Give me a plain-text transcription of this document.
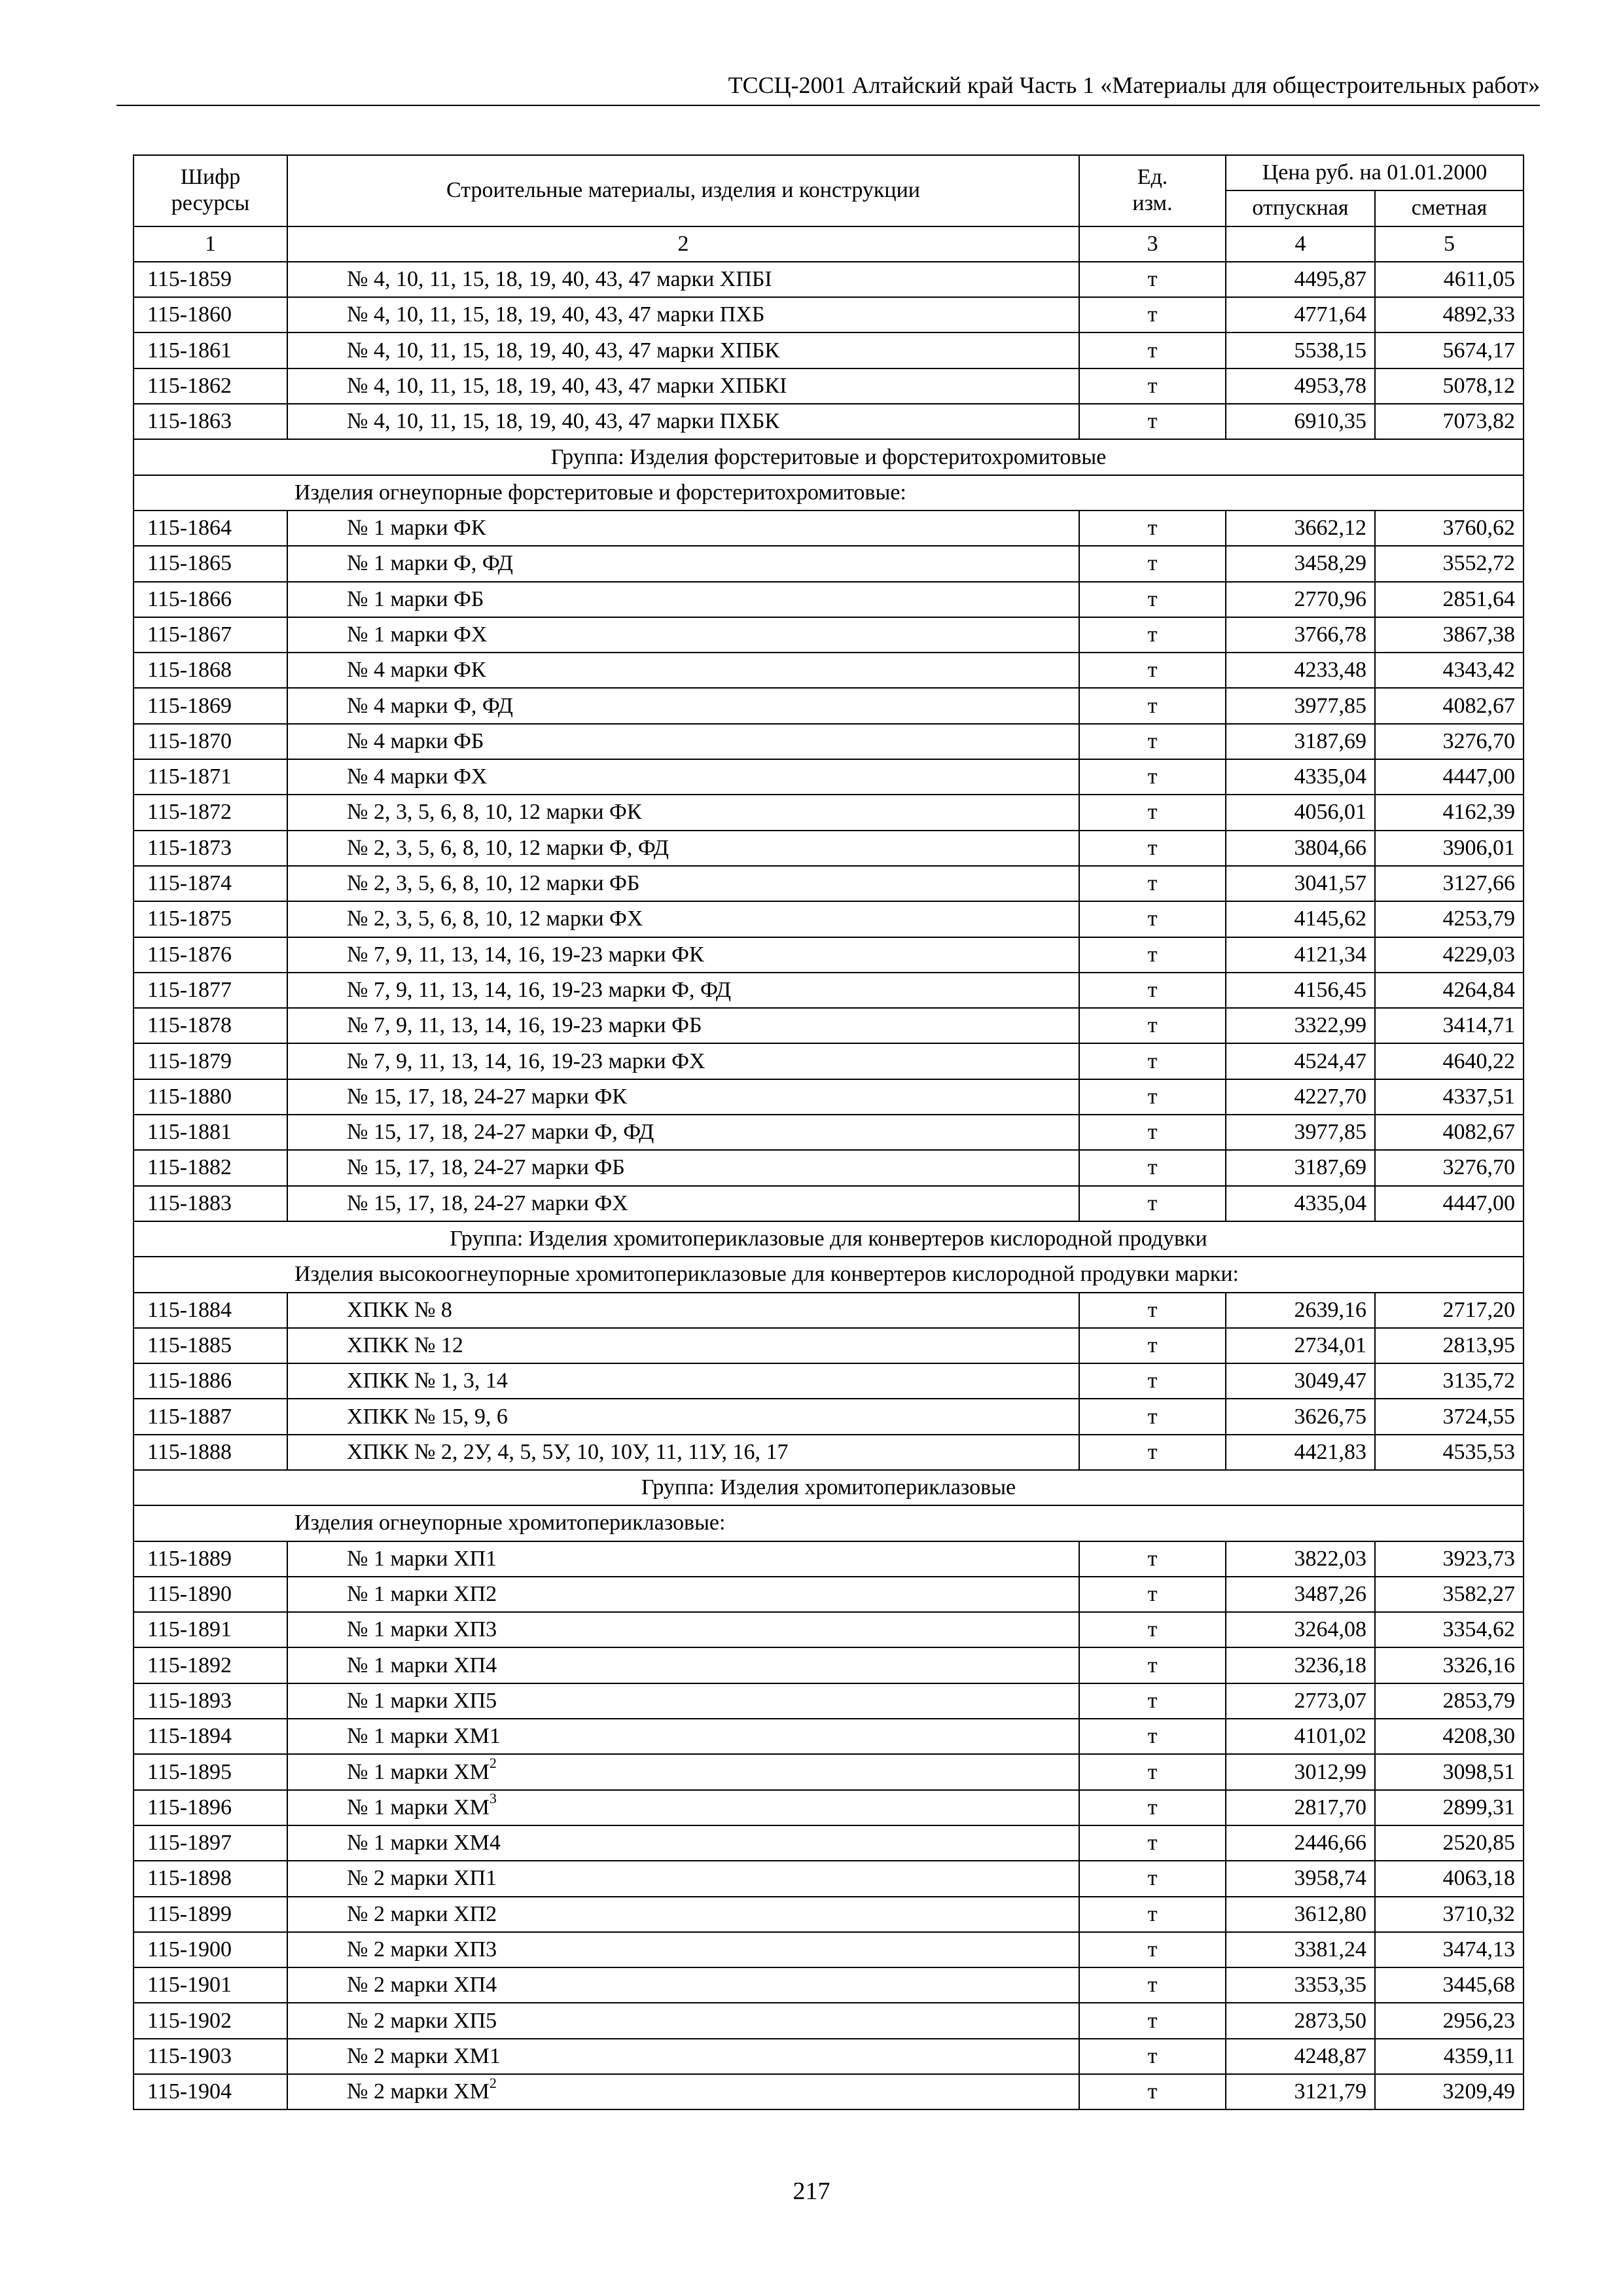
ТССЦ-2001 Алтайский край Часть 1 «Материалы для общестроительных работ»
Шифр ресурсы	Строительные материалы, изделия и конструкции	Ед. изм.	Цена руб. на 01.01.2000	
			отпускная	сметная
1	2	3	4	5
115-1859	№ 4, 10, 11, 15, 18, 19, 40, 43, 47 марки ХПБI	т	4495,87	4611,05
115-1860	№ 4, 10, 11, 15, 18, 19, 40, 43, 47 марки ПХБ	т	4771,64	4892,33
115-1861	№ 4, 10, 11, 15, 18, 19, 40, 43, 47 марки ХПБК	т	5538,15	5674,17
115-1862	№ 4, 10, 11, 15, 18, 19, 40, 43, 47 марки ХПБКI	т	4953,78	5078,12
115-1863	№ 4, 10, 11, 15, 18, 19, 40, 43, 47 марки ПХБК	т	6910,35	7073,82
Группа: Изделия форстеритовые и форстеритохромитовые				
Изделия огнеупорные форстеритовые и форстеритохромитовые:				
115-1864	№ 1 марки ФК	т	3662,12	3760,62
115-1865	№ 1 марки Ф, ФД	т	3458,29	3552,72
115-1866	№ 1 марки ФБ	т	2770,96	2851,64
115-1867	№ 1 марки ФХ	т	3766,78	3867,38
115-1868	№ 4 марки ФК	т	4233,48	4343,42
115-1869	№ 4 марки Ф, ФД	т	3977,85	4082,67
115-1870	№ 4 марки ФБ	т	3187,69	3276,70
115-1871	№ 4 марки ФХ	т	4335,04	4447,00
115-1872	№ 2, 3, 5, 6, 8, 10, 12 марки ФК	т	4056,01	4162,39
115-1873	№ 2, 3, 5, 6, 8, 10, 12 марки Ф, ФД	т	3804,66	3906,01
115-1874	№ 2, 3, 5, 6, 8, 10, 12 марки ФБ	т	3041,57	3127,66
115-1875	№ 2, 3, 5, 6, 8, 10, 12 марки ФХ	т	4145,62	4253,79
115-1876	№ 7, 9, 11, 13, 14, 16, 19-23 марки ФК	т	4121,34	4229,03
115-1877	№ 7, 9, 11, 13, 14, 16, 19-23 марки Ф, ФД	т	4156,45	4264,84
115-1878	№ 7, 9, 11, 13, 14, 16, 19-23 марки ФБ	т	3322,99	3414,71
115-1879	№ 7, 9, 11, 13, 14, 16, 19-23 марки ФХ	т	4524,47	4640,22
115-1880	№ 15, 17, 18, 24-27 марки ФК	т	4227,70	4337,51
115-1881	№ 15, 17, 18, 24-27 марки Ф, ФД	т	3977,85	4082,67
115-1882	№ 15, 17, 18, 24-27 марки ФБ	т	3187,69	3276,70
115-1883	№ 15, 17, 18, 24-27 марки ФХ	т	4335,04	4447,00
Группа: Изделия хромитопериклазовые для конвертеров кислородной продувки				
Изделия высокоогнеупорные хромитопериклазовые для конвертеров кислородной продувки марки:				
115-1884	ХПКК № 8	т	2639,16	2717,20
115-1885	ХПКК № 12	т	2734,01	2813,95
115-1886	ХПКК № 1, 3, 14	т	3049,47	3135,72
115-1887	ХПКК № 15, 9, 6	т	3626,75	3724,55
115-1888	ХПКК № 2, 2У, 4, 5, 5У, 10, 10У, 11, 11У, 16, 17	т	4421,83	4535,53
Группа: Изделия хромитопериклазовые				
Изделия огнеупорные хромитопериклазовые:				
115-1889	№ 1 марки ХП1	т	3822,03	3923,73
115-1890	№ 1 марки ХП2	т	3487,26	3582,27
115-1891	№ 1 марки ХП3	т	3264,08	3354,62
115-1892	№ 1 марки ХП4	т	3236,18	3326,16
115-1893	№ 1 марки ХП5	т	2773,07	2853,79
115-1894	№ 1 марки ХМ1	т	4101,02	4208,30
115-1895	№ 1 марки $ХМ^2$	т	3012,99	3098,51
115-1896	№ 1 марки $ХМ^3$	т	2817,70	2899,31
115-1897	№ 1 марки ХМ4	т	2446,66	2520,85
115-1898	№ 2 марки ХП1	т	3958,74	4063,18
115-1899	№ 2 марки ХП2	т	3612,80	3710,32
115-1900	№ 2 марки ХП3	т	3381,24	3474,13
115-1901	№ 2 марки ХП4	т	3353,35	3445,68
115-1902	№ 2 марки ХП5	т	2873,50	2956,23
115-1903	№ 2 марки ХМ1	т	4248,87	4359,11
115-1904	№ 2 марки $ХМ^2$	т	3121,79	3209,49
217
